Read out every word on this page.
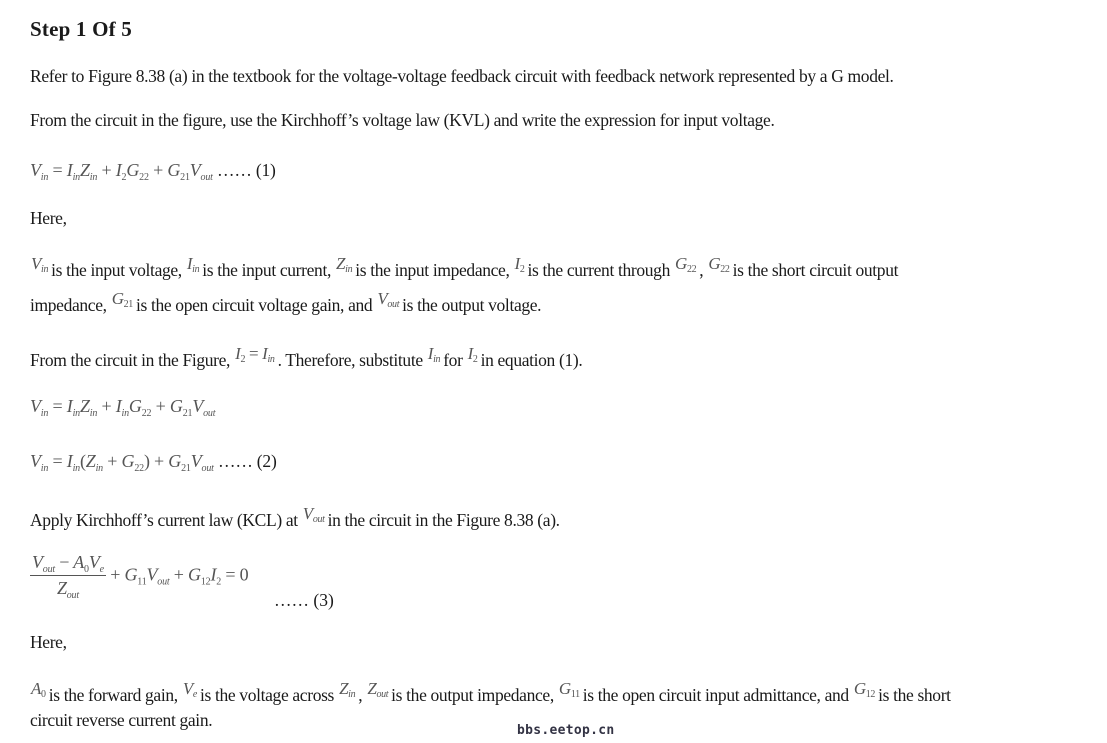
Step 1 Of 5
Refer to Figure 8.38 (a) in the textbook for the voltage-voltage feedback circuit with feedback network represented by a G model.
From the circuit in the figure, use the Kirchhoff’s voltage law (KVL) and write the expression for input voltage.
$V_{in} = I_{in}Z_{in} + I_2G_{22} + G_{21}V_{out}$ …… (1)
Here,
$V_{in}$ is the input voltage, $I_{in}$ is the input current, $Z_{in}$ is the input impedance, $I_2$ is the current through $G_{22}$ , $G_{22}$ is the short circuit output
impedance, $G_{21}$ is the open circuit voltage gain, and $V_{out}$ is the output voltage.
From the circuit in the Figure, $I_2 = I_{in}$ . Therefore, substitute $I_{in}$ for $I_2$ in equation (1).
$V_{in} = I_{in}Z_{in} + I_{in}G_{22} + G_{21}V_{out}$
$V_{in} = I_{in}(Z_{in} + G_{22}) + G_{21}V_{out}$ …… (2)
Apply Kirchhoff’s current law (KCL) at $V_{out}$ in the circuit in the Figure 8.38 (a).
$\frac{V_{out} - A_0V_e}{Z_{out}} + G_{11}V_{out} + G_{12}I_2 = 0$
…… (3)
Here,
$A_0$ is the forward gain, $V_e$ is the voltage across $Z_{in}$ , $Z_{out}$ is the output impedance, $G_{11}$ is the open circuit input admittance, and $G_{12}$ is the short
circuit reverse current gain.
bbs.eetop.cn
